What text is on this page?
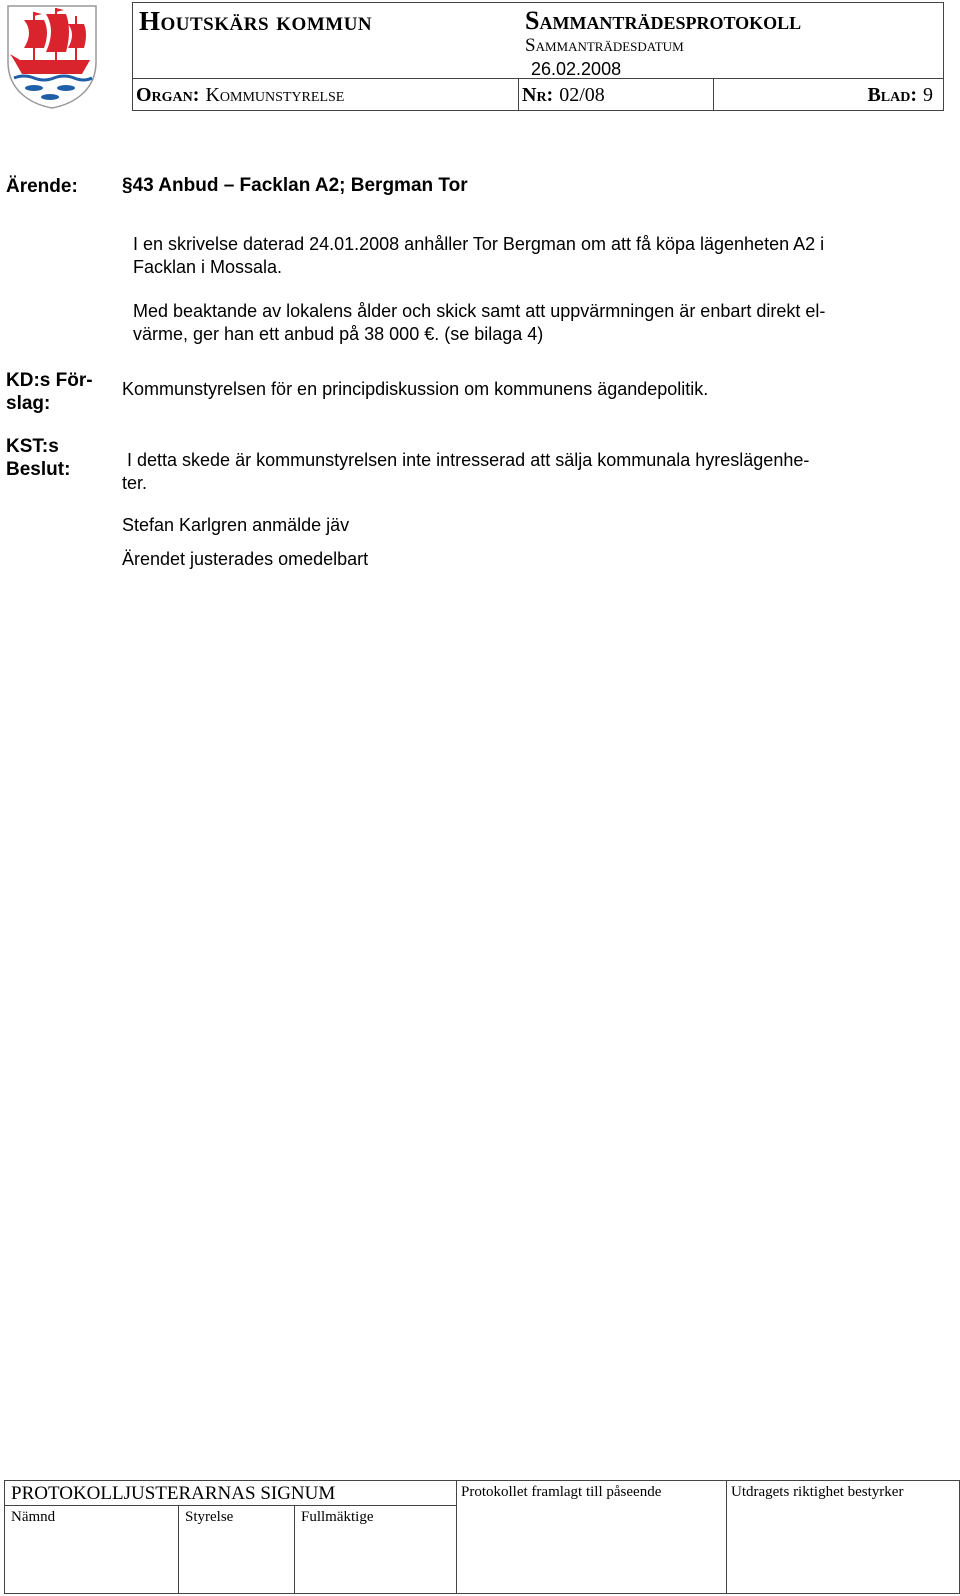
Houtskärs kommun	Sammanträdesprotokoll
Sammanträdesdatum
26.02.2008
Organ: Kommunstyrelse	Nr: 02/08	Blad: 9
Ärende: §43 Anbud – Facklan A2; Bergman Tor
I en skrivelse daterad 24.01.2008 anhåller Tor Bergman om att få köpa lägenheten A2 i
Facklan i Mossala.
Med beaktande av lokalens ålder och skick samt att uppvärmningen är enbart direkt el-
värme, ger han ett anbud på 38 000 €. (se bilaga 4)
KD:s För-
slag:
Kommunstyrelsen för en principdiskussion om kommunens ägandepolitik.
KST:s
Beslut:	I detta skede är kommunstyrelsen inte intresserad att sälja kommunala hyreslägenhe-
ter.
Stefan Karlgren anmälde jäv
Ärendet justerades omedelbart
PROTOKOLLJUSTERARNAS SIGNUM
Nämnd	Styrelse	Fullmäktige
Protokollet framlagt till påseende	Utdragets riktighet bestyrker
